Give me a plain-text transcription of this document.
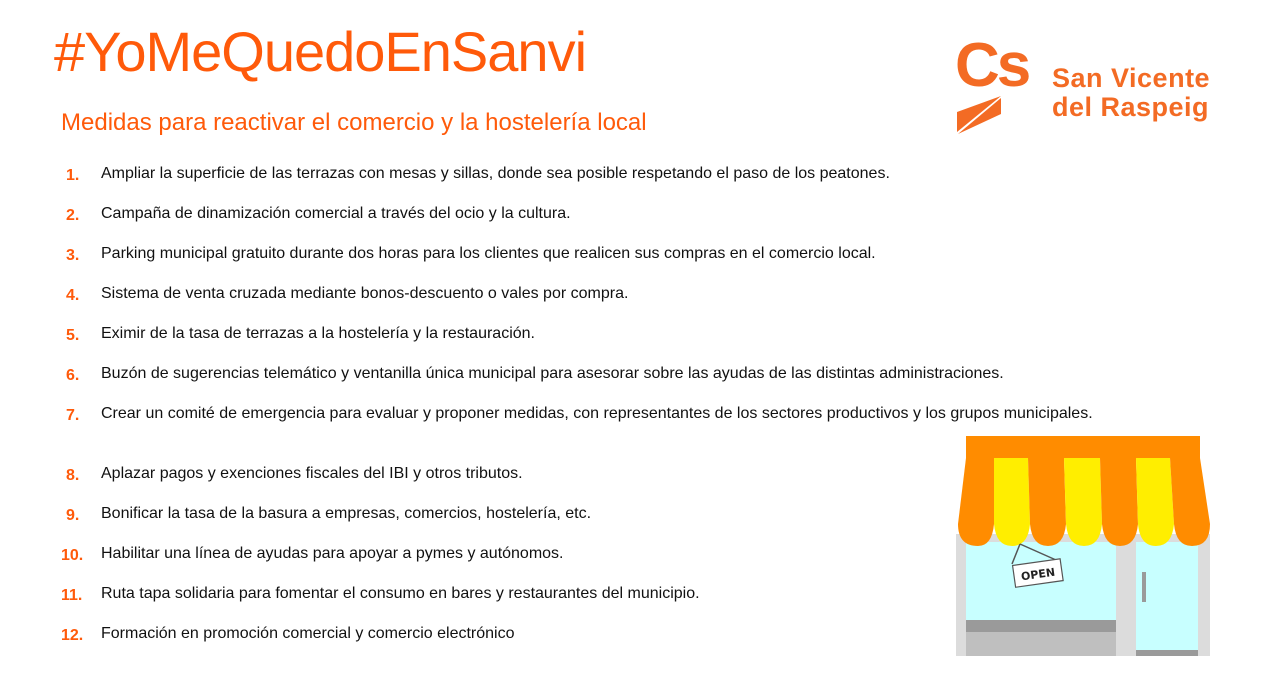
#YoMeQuedoEnSanvi
Medidas para reactivar el comercio y la hostelería local
Cs San Vicente
del Raspeig
1.	Ampliar la superficie de las terrazas con mesas y sillas, donde sea posible respetando el paso de los peatones.
2.	Campaña de dinamización comercial a través del ocio y la cultura.
3.	Parking municipal gratuito durante dos horas para los clientes que realicen sus compras en el comercio local.
4.	Sistema de venta cruzada mediante bonos-descuento o vales por compra.
5.	Eximir de la tasa de terrazas a la hostelería y la restauración.
6.	Buzón de sugerencias telemático y ventanilla única municipal para asesorar sobre las ayudas de las distintas administraciones.
7.	Crear un comité de emergencia para evaluar y proponer medidas, con representantes de los sectores productivos y los grupos municipales.
8.	Aplazar pagos y exenciones fiscales del IBI y otros tributos.
9.	Bonificar la tasa de la basura a empresas, comercios, hostelería, etc.
10.	Habilitar una línea de ayudas para apoyar a pymes y autónomos.
11.	Ruta tapa solidaria para fomentar el consumo en bares y restaurantes del municipio.
12.	Formación en promoción comercial y comercio electrónico
OPEN
